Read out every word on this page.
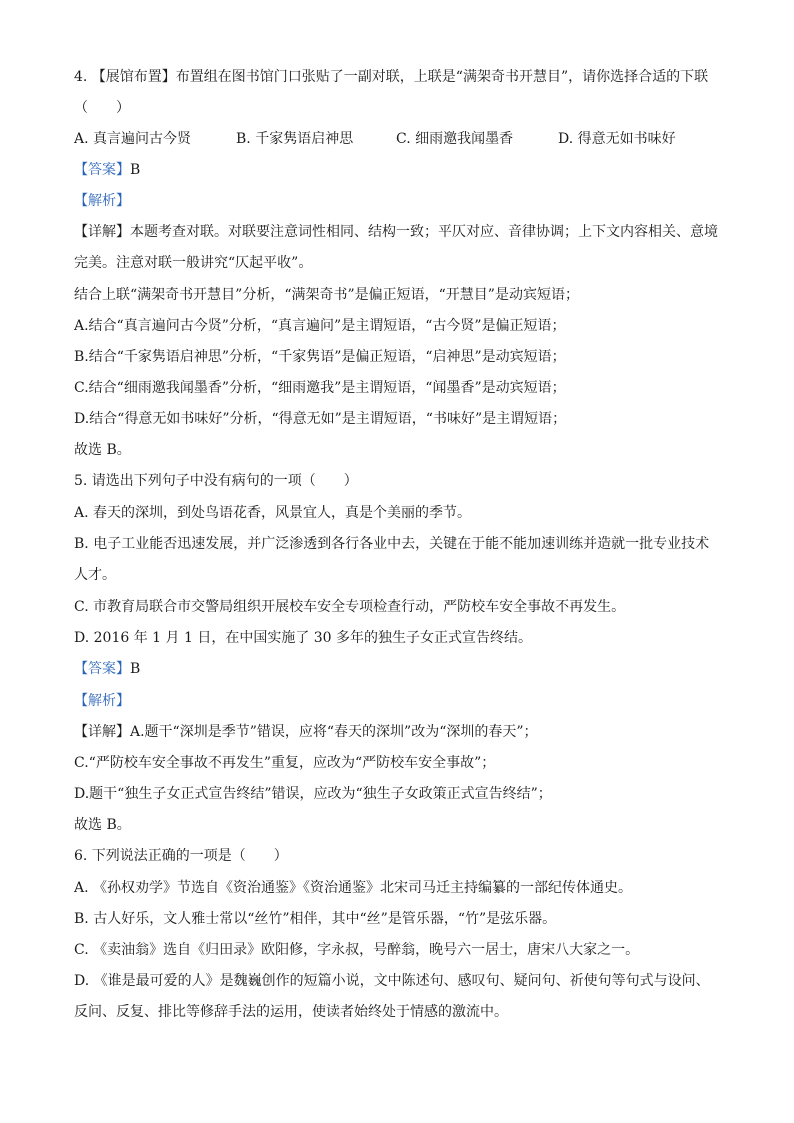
4. 【展馆布置】布置组在图书馆门口张贴了一副对联，上联是“满架奇书开慧目”，请你选择合适的下联
（　　）
A. 真言遍问古今贤	B. 千家隽语启神思	C. 细雨邀我闻墨香	D. 得意无如书味好
【答案】B
【解析】
【详解】本题考查对联。对联要注意词性相同、结构一致；平仄对应、音律协调；上下文内容相关、意境
完美。注意对联一般讲究“仄起平收”。
结合上联“满架奇书开慧目”分析，“满架奇书”是偏正短语，“开慧目”是动宾短语；
A.结合“真言遍问古今贤”分析，“真言遍问”是主谓短语，“古今贤”是偏正短语；
B.结合“千家隽语启神思”分析，“千家隽语”是偏正短语，“启神思”是动宾短语；
C.结合“细雨邀我闻墨香”分析，“细雨邀我”是主谓短语，“闻墨香”是动宾短语；
D.结合“得意无如书味好”分析，“得意无如”是主谓短语，“书味好”是主谓短语；
故选 B。
5. 请选出下列句子中没有病句的一项（　　）
A. 春天的深圳，到处鸟语花香，风景宜人，真是个美丽的季节。
B. 电子工业能否迅速发展，并广泛渗透到各行各业中去，关键在于能不能加速训练并造就一批专业技术
人才。
C. 市教育局联合市交警局组织开展校车安全专项检查行动，严防校车安全事故不再发生。
D. 2016 年 1 月 1 日，在中国实施了 30 多年的独生子女正式宣告终结。
【答案】B
【解析】
【详解】A.题干“深圳是季节”错误，应将“春天的深圳”改为“深圳的春天”；
C.“严防校车安全事故不再发生”重复，应改为“严防校车安全事故”；
D.题干“独生子女正式宣告终结”错误，应改为“独生子女政策正式宣告终结”；
故选 B。
6. 下列说法正确的一项是（　　）
A. 《孙权劝学》节选自《资治通鉴》《资治通鉴》北宋司马迁主持编纂的一部纪传体通史。
B. 古人好乐，文人雅士常以“丝竹”相伴，其中“丝”是管乐器，“竹”是弦乐器。
C. 《卖油翁》选自《归田录》欧阳修，字永叔，号醉翁，晚号六一居士，唐宋八大家之一。
D. 《谁是最可爱的人》是魏巍创作的短篇小说，文中陈述句、感叹句、疑问句、祈使句等句式与设问、
反问、反复、排比等修辞手法的运用，使读者始终处于情感的激流中。
